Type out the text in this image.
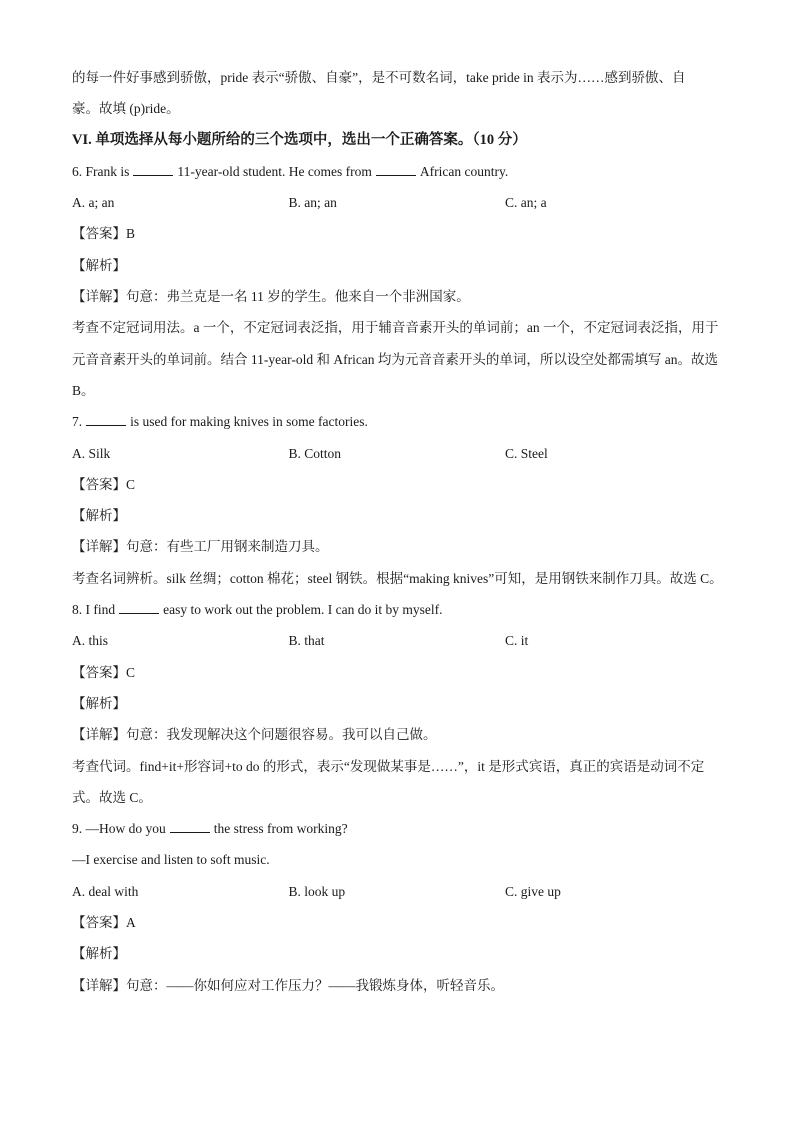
的每一件好事感到骄傲，pride 表示“骄傲、自豪”，是不可数名词，take pride in 表示为……感到骄傲、自
豪。故填 (p)ride。
VI. 单项选择从每小题所给的三个选项中，选出一个正确答案。（10 分）
6. Frank is	11-year-old student. He comes from	African country.
A. a; an	B. an; an	C. an; a
【答案】B
【解析】
【详解】句意：弗兰克是一名 11 岁的学生。他来自一个非洲国家。
考查不定冠词用法。a 一个，不定冠词表泛指，用于辅音音素开头的单词前；an 一个，不定冠词表泛指，用于元音音素开头的单词前。结合 11-year-old 和 African 均为元音音素开头的单词，所以设空处都需填写 an。故选 B。
7.	is used for making knives in some factories.
A. Silk	B. Cotton	C. Steel
【答案】C
【解析】
【详解】句意：有些工厂用钢来制造刀具。
考查名词辨析。silk 丝绸；cotton 棉花；steel 钢铁。根据“making knives”可知，是用钢铁来制作刀具。故选 C。
8. I find	easy to work out the problem. I can do it by myself.
A. this	B. that	C. it
【答案】C
【解析】
【详解】句意：我发现解决这个问题很容易。我可以自己做。
考查代词。find+it+形容词+to do 的形式，表示“发现做某事是……”，it 是形式宾语，真正的宾语是动词不定式。故选 C。
9. —How do you	the stress from working?
—I exercise and listen to soft music.
A. deal with	B. look up	C. give up
【答案】A
【解析】
【详解】句意：——你如何应对工作压力？——我锻炼身体，听轻音乐。
